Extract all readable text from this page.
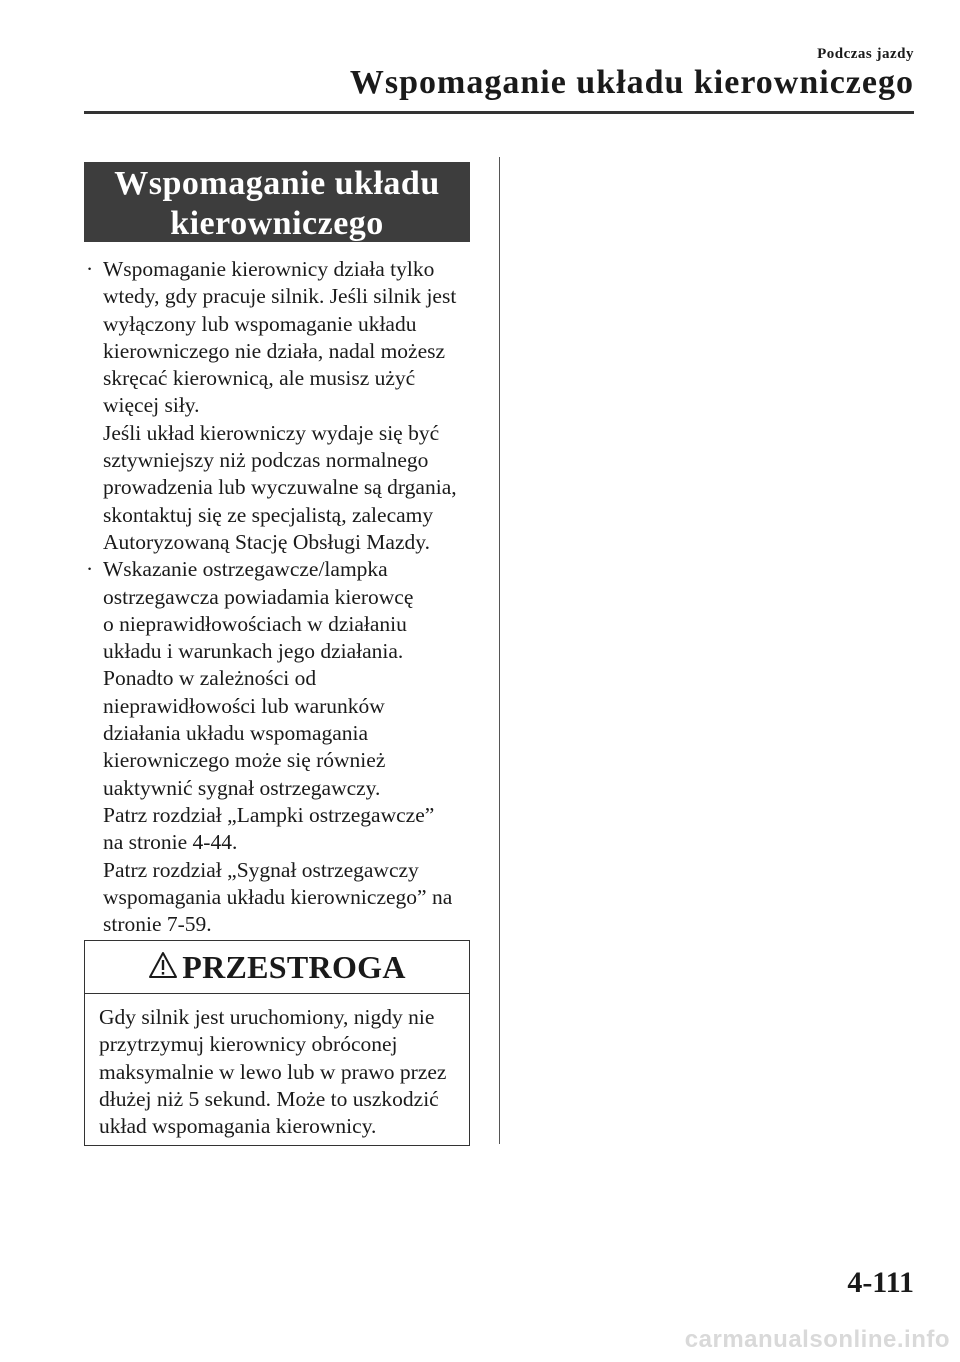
Podczas jazdy
Wspomaganie układu kierowniczego
Wspomaganie układu
kierowniczego
· Wspomaganie kierownicy działa tylko
wtedy, gdy pracuje silnik. Jeśli silnik jest
wyłączony lub wspomaganie układu
kierowniczego nie działa, nadal możesz
skręcać kierownicą, ale musisz użyć
więcej siły.
Jeśli układ kierowniczy wydaje się być
sztywniejszy niż podczas normalnego
prowadzenia lub wyczuwalne są drgania,
skontaktuj się ze specjalistą, zalecamy
Autoryzowaną Stację Obsługi Mazdy.
· Wskazanie ostrzegawcze/lampka
ostrzegawcza powiadamia kierowcę
o nieprawidłowościach w działaniu
układu i warunkach jego działania.
Ponadto w zależności od
nieprawidłowości lub warunków
działania układu wspomagania
kierowniczego może się również
uaktywnić sygnał ostrzegawczy.
Patrz rozdział „Lampki ostrzegawcze”
na stronie 4-44.
Patrz rozdział „Sygnał ostrzegawczy
wspomagania układu kierowniczego” na
stronie 7-59.
PRZESTROGA
Gdy silnik jest uruchomiony, nigdy nie
przytrzymuj kierownicy obróconej
maksymalnie w lewo lub w prawo przez
dłużej niż 5 sekund. Może to uszkodzić
układ wspomagania kierownicy.
4-111
carmanualsonline.info
